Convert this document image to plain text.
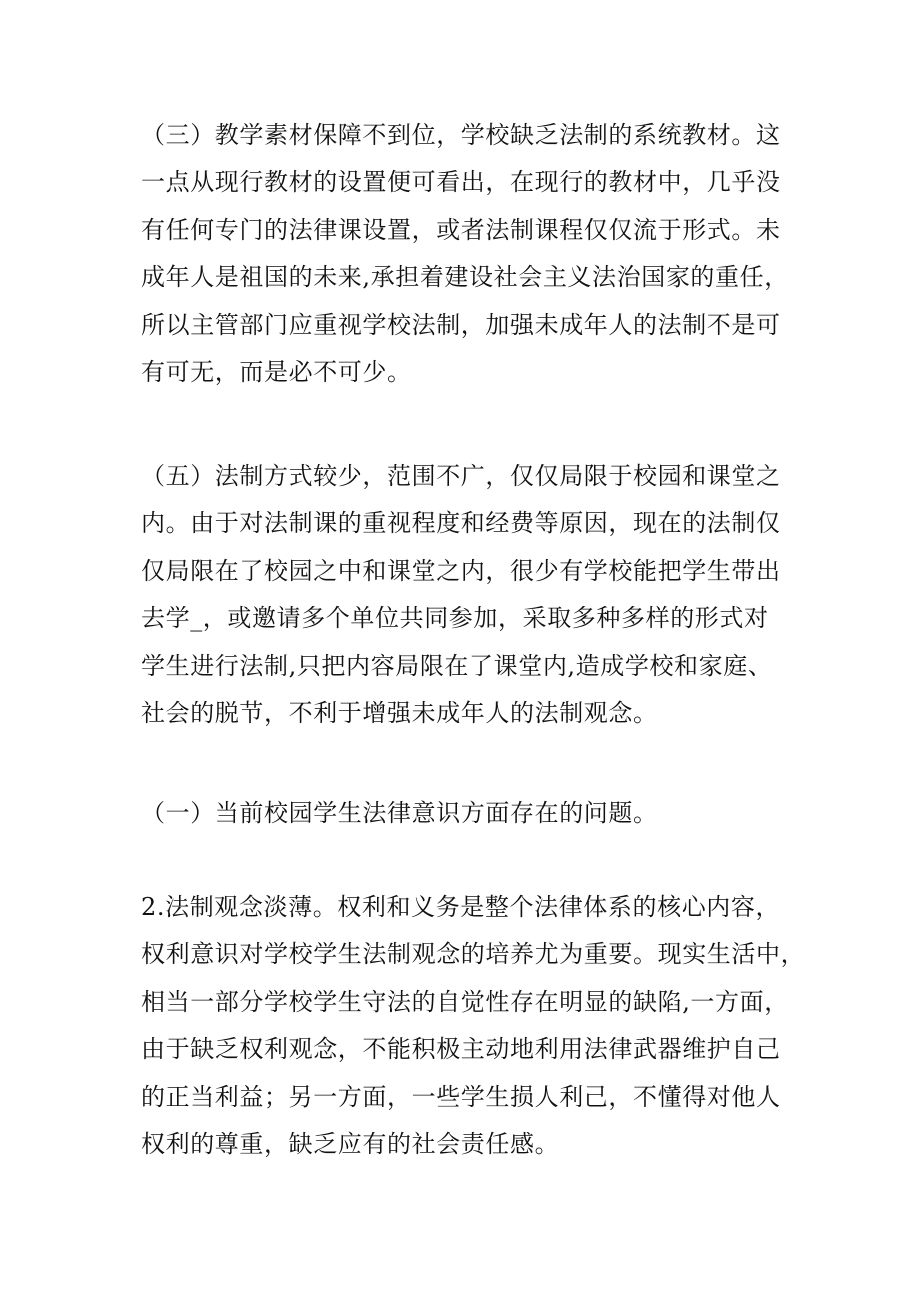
（三）教学素材保障不到位，学校缺乏法制的系统教材。这
一点从现行教材的设置便可看出，在现行的教材中，几乎没
有任何专门的法律课设置，或者法制课程仅仅流于形式。未
成年人是祖国的未来,承担着建设社会主义法治国家的重任，
所以主管部门应重视学校法制，加强未成年人的法制不是可
有可无，而是必不可少。

（五）法制方式较少，范围不广，仅仅局限于校园和课堂之
内。由于对法制课的重视程度和经费等原因，现在的法制仅
仅局限在了校园之中和课堂之内，很少有学校能把学生带出
去学_，或邀请多个单位共同参加，采取多种多样的形式对
学生进行法制,只把内容局限在了课堂内,造成学校和家庭、
社会的脱节，不利于增强未成年人的法制观念。

（一）当前校园学生法律意识方面存在的问题。

2.法制观念淡薄。权利和义务是整个法律体系的核心内容，
权利意识对学校学生法制观念的培养尤为重要。现实生活中，
相当一部分学校学生守法的自觉性存在明显的缺陷,一方面，
由于缺乏权利观念，不能积极主动地利用法律武器维护自己
的正当利益；另一方面，一些学生损人利己，不懂得对他人
权利的尊重，缺乏应有的社会责任感。
